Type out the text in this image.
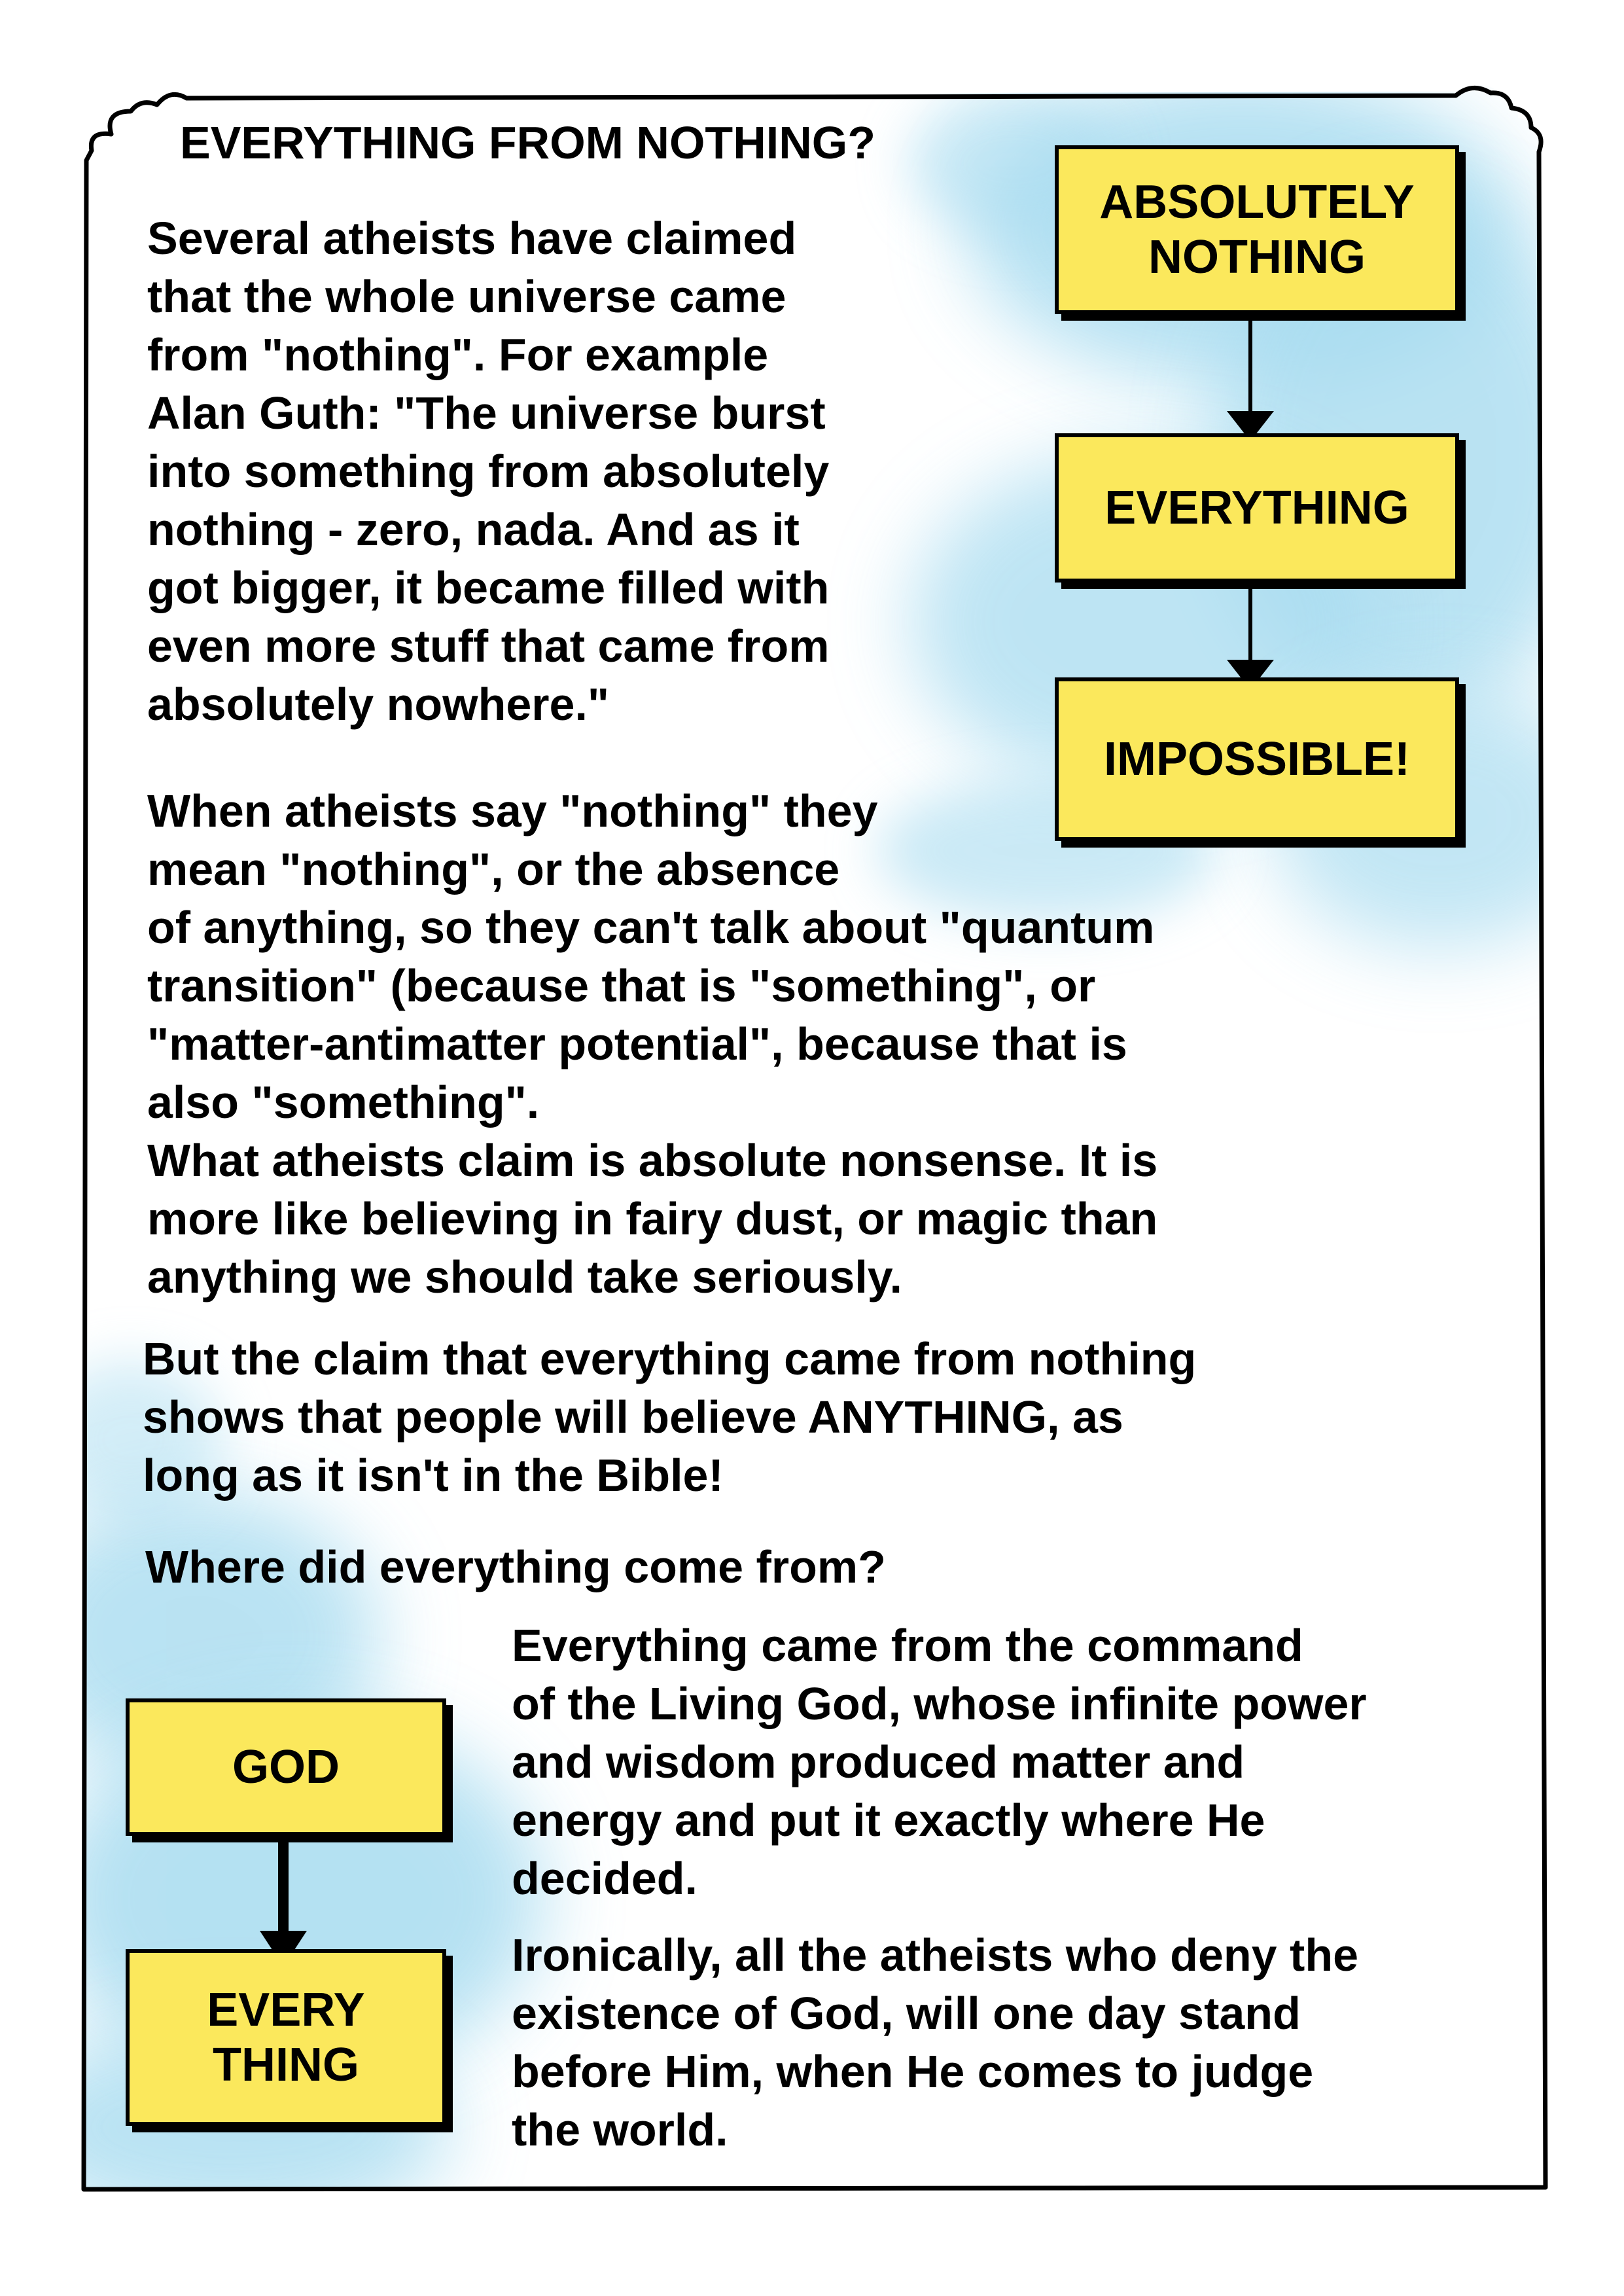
EVERYTHING FROM NOTHING?
Several atheists have claimed
that the whole universe came
from "nothing". For example
Alan Guth: "The universe burst
into something from absolutely
nothing - zero, nada. And as it
got bigger, it became filled with
even more stuff that came from
absolutely nowhere."
When atheists say "nothing" they
mean "nothing", or the absence
of anything, so they can't talk about "quantum
transition" (because that is "something", or
"matter-antimatter potential", because that is
also "something".
What atheists claim is absolute nonsense. It is
more like believing in fairy dust, or magic than
anything we should take seriously.
But the claim that everything came from nothing
shows that people will believe ANYTHING, as
long as it isn't in the Bible!
Where did everything come from?
Everything came from the command
of the Living God, whose infinite power
and wisdom produced matter and
energy and put it exactly where He
decided.
Ironically, all the atheists who deny the
existence of God, will one day stand
before Him, when He comes to judge
the world.
ABSOLUTELY
NOTHING
EVERYTHING
IMPOSSIBLE!
GOD
EVERY
THING
